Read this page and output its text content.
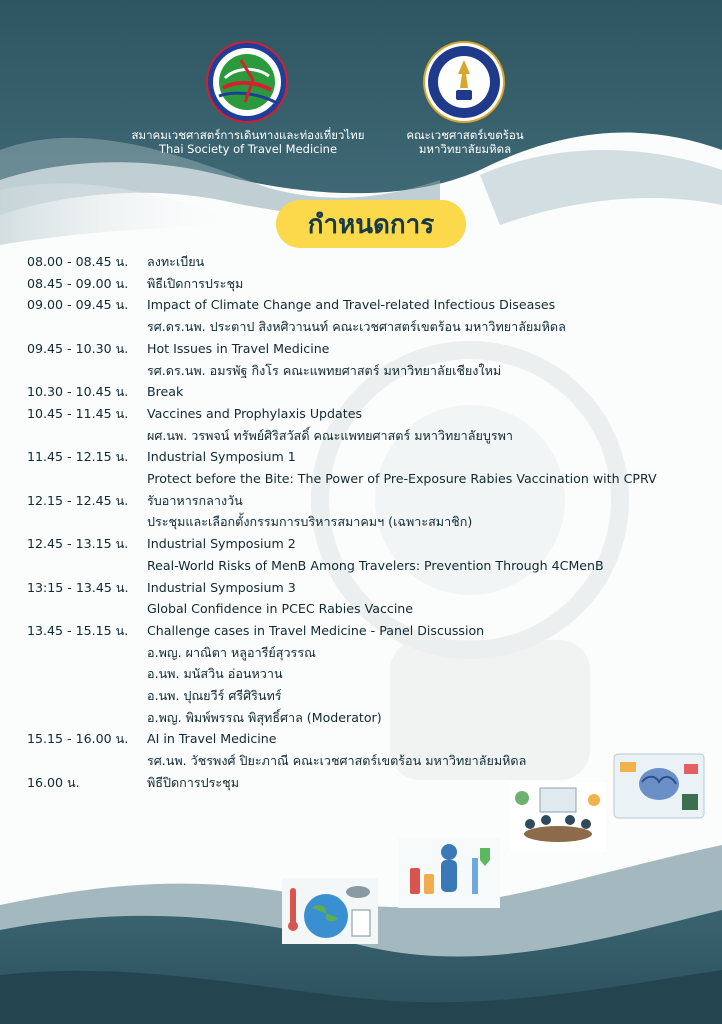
สมาคมเวชศาสตร์การเดินทางและท่องเที่ยวไทย
Thai Society of Travel Medicine
คณะเวชศาสตร์เขตร้อน
มหาวิทยาลัยมหิดล
กำหนดการ
08.00 - 08.45 น.	ลงทะเบียน
08.45 - 09.00 น.	พิธีเปิดการประชุม
09.00 - 09.45 น.	Impact of Climate Change and Travel-related Infectious Diseases
รศ.ดร.นพ. ประตาป สิงหศิวานนท์ คณะเวชศาสตร์เขตร้อน มหาวิทยาลัยมหิดล
09.45 - 10.30 น.	Hot Issues in Travel Medicine
รศ.ดร.นพ. อมรพัฐ กิงโร คณะแพทยศาสตร์ มหาวิทยาลัยเชียงใหม่
10.30 - 10.45 น.	Break
10.45 - 11.45 น.	Vaccines and Prophylaxis Updates
ผศ.นพ. วรพจน์ ทรัพย์ศิริสวัสดิ์ คณะแพทยศาสตร์ มหาวิทยาลัยบูรพา
11.45 - 12.15 น.	Industrial Symposium 1
Protect before the Bite: The Power of Pre-Exposure Rabies Vaccination with CPRV
12.15 - 12.45 น.	รับอาหารกลางวัน
ประชุมและเลือกตั้งกรรมการบริหารสมาคมฯ (เฉพาะสมาชิก)
12.45 - 13.15 น.	Industrial Symposium 2
Real-World Risks of MenB Among Travelers: Prevention Through 4CMenB
13:15 - 13.45 น.	Industrial Symposium 3
Global Confidence in PCEC Rabies Vaccine
13.45 - 15.15 น.	Challenge cases in Travel Medicine - Panel Discussion
อ.พญ. ผาณิตา หลูอารีย์สุวรรณ
อ.นพ. มนัสวิน อ่อนหวาน
อ.นพ. ปุณยวีร์ ศรีศิรินทร์
อ.พญ. พิมพ์พรรณ พิสุทธิ์ศาล (Moderator)
15.15 - 16.00 น.	AI in Travel Medicine
รศ.นพ. วัชรพงศ์ ปิยะภาณี คณะเวชศาสตร์เขตร้อน มหาวิทยาลัยมหิดล
16.00 น.	พิธีปิดการประชุม
